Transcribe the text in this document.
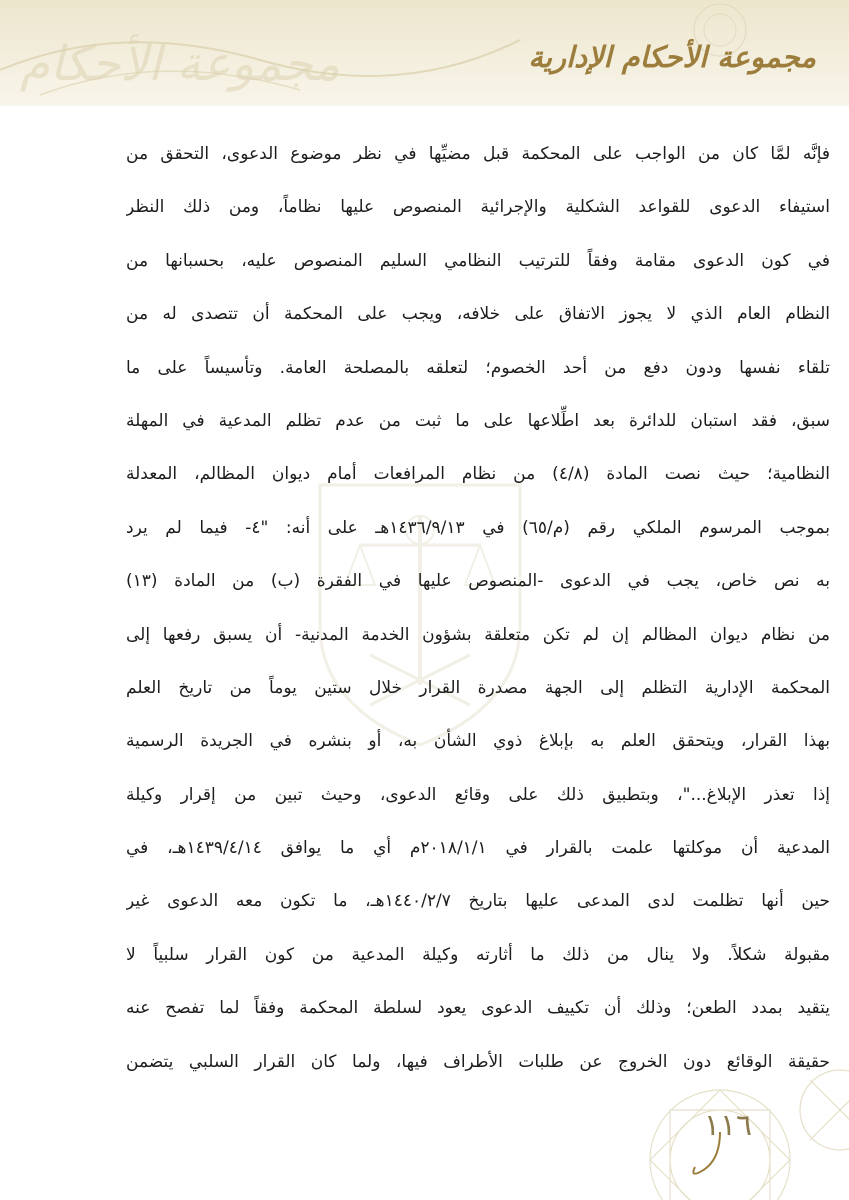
مجموعة الأحكام	مجموعة الأحكام الإدارية
فإنَّه لمَّا كان من الواجب على المحكمة قبل مضيِّها في نظر موضوع الدعوى، التحقق من
استيفاء الدعوى للقواعد الشكلية والإجرائية المنصوص عليها نظاماً، ومن ذلك النظر
في كون الدعوى مقامة وفقاً للترتيب النظامي السليم المنصوص عليه، بحسبانها من
النظام العام الذي لا يجوز الاتفاق على خلافه، ويجب على المحكمة أن تتصدى له من
تلقاء نفسها ودون دفع من أحد الخصوم؛ لتعلقه بالمصلحة العامة. وتأسيساً على ما
سبق، فقد استبان للدائرة بعد اطِّلاعها على ما ثبت من عدم تظلم المدعية في المهلة
النظامية؛ حيث نصت المادة (٤/٨) من نظام المرافعات أمام ديوان المظالم، المعدلة
بموجب المرسوم الملكي رقم (م/٦٥) في ١٤٣٦/٩/١٣هـ على أنه: "٤- فيما لم يرد
به نص خاص، يجب في الدعوى -المنصوص عليها في الفقرة (ب) من المادة (١٣)
من نظام ديوان المظالم إن لم تكن متعلقة بشؤون الخدمة المدنية- أن يسبق رفعها إلى
المحكمة الإدارية التظلم إلى الجهة مصدرة القرار خلال ستين يوماً من تاريخ العلم
بهذا القرار، ويتحقق العلم به بإبلاغ ذوي الشأن به، أو بنشره في الجريدة الرسمية
إذا تعذر الإبلاغ..."، وبتطبيق ذلك على وقائع الدعوى، وحيث تبين من إقرار وكيلة
المدعية أن موكلتها علمت بالقرار في ٢٠١٨/١/١م أي ما يوافق ١٤٣٩/٤/١٤هـ، في
حين أنها تظلمت لدى المدعى عليها بتاريخ ١٤٤٠/٢/٧هـ، ما تكون معه الدعوى غير
مقبولة شكلاً. ولا ينال من ذلك ما أثارته وكيلة المدعية من كون القرار سلبياً لا
يتقيد بمدد الطعن؛ وذلك أن تكييف الدعوى يعود لسلطة المحكمة وفقاً لما تفصح عنه
حقيقة الوقائع دون الخروج عن طلبات الأطراف فيها، ولما كان القرار السلبي يتضمن
١١٦
